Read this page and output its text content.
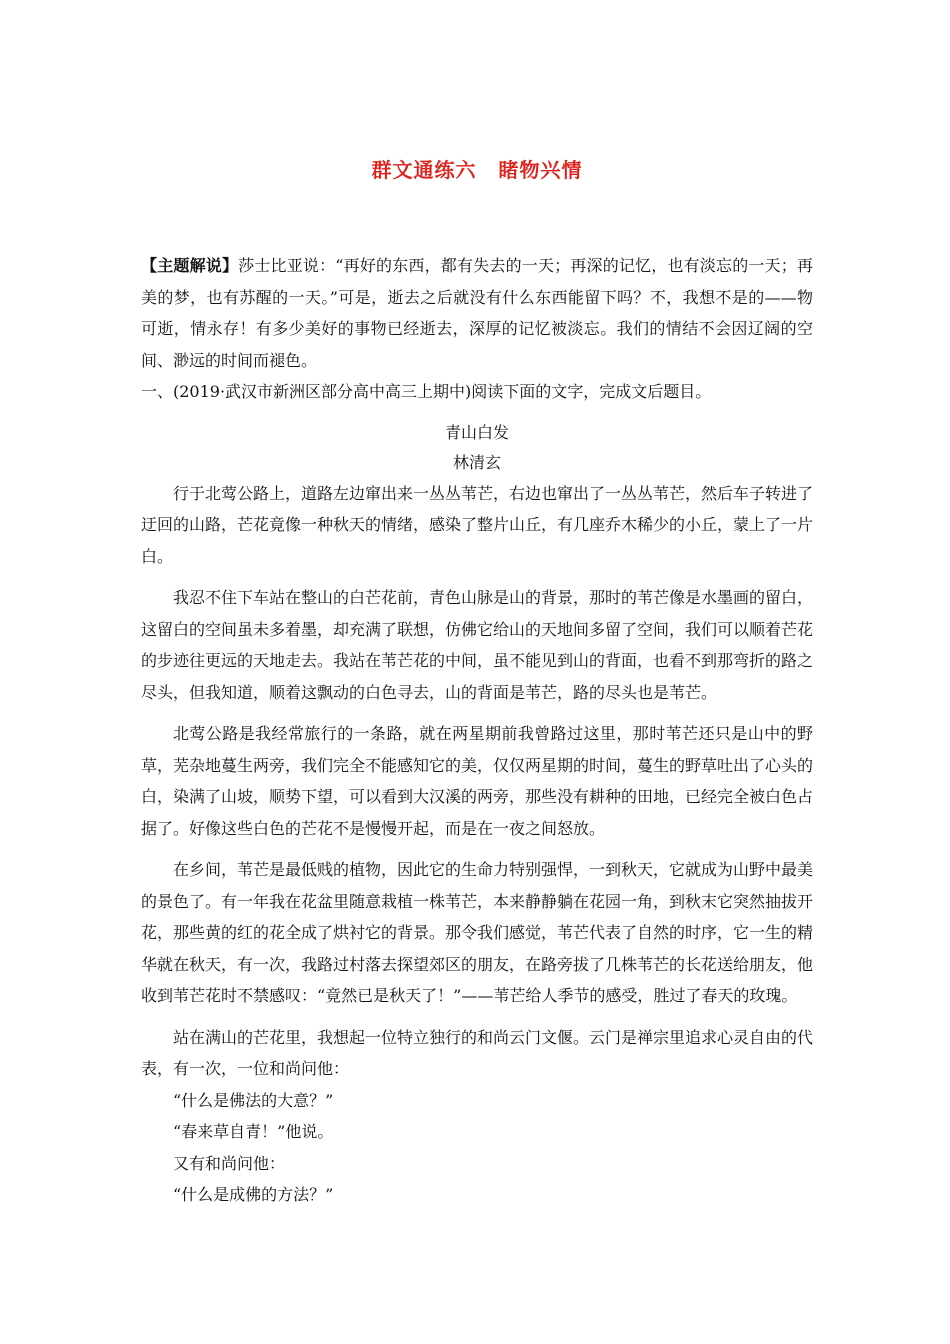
群文通练六 睹物兴情

【主题解说】莎士比亚说：“再好的东西，都有失去的一天；再深的记忆，也有淡忘的一天；再美的梦，也有苏醒的一天。”可是，逝去之后就没有什么东西能留下吗？不，我想不是的——物可逝，情永存！有多少美好的事物已经逝去，深厚的记忆被淡忘。我们的情结不会因辽阔的空间、渺远的时间而褪色。

一、(2019·武汉市新洲区部分高中高三上期中)阅读下面的文字，完成文后题目。

青山白发

林清玄

行于北莺公路上，道路左边窜出来一丛丛苇芒，右边也窜出了一丛丛苇芒，然后车子转进了迂回的山路，芒花竟像一种秋天的情绪，感染了整片山丘，有几座乔木稀少的小丘，蒙上了一片白。

我忍不住下车站在整山的白芒花前，青色山脉是山的背景，那时的苇芒像是水墨画的留白，这留白的空间虽未多着墨，却充满了联想，仿佛它给山的天地间多留了空间，我们可以顺着芒花的步迹往更远的天地走去。我站在苇芒花的中间，虽不能见到山的背面，也看不到那弯折的路之尽头，但我知道，顺着这飘动的白色寻去，山的背面是苇芒，路的尽头也是苇芒。

北莺公路是我经常旅行的一条路，就在两星期前我曾路过这里，那时苇芒还只是山中的野草，芜杂地蔓生两旁，我们完全不能感知它的美，仅仅两星期的时间，蔓生的野草吐出了心头的白，染满了山坡，顺势下望，可以看到大汉溪的两旁，那些没有耕种的田地，已经完全被白色占据了。好像这些白色的芒花不是慢慢开起，而是在一夜之间怒放。

在乡间，苇芒是最低贱的植物，因此它的生命力特别强悍，一到秋天，它就成为山野中最美的景色了。有一年我在花盆里随意栽植一株苇芒，本来静静躺在花园一角，到秋末它突然抽拔开花，那些黄的红的花全成了烘衬它的背景。那令我们感觉，苇芒代表了自然的时序，它一生的精华就在秋天，有一次，我路过村落去探望郊区的朋友，在路旁拔了几株苇芒的长花送给朋友，他收到苇芒花时不禁感叹：“竟然已是秋天了！”——苇芒给人季节的感受，胜过了春天的玫瑰。

站在满山的芒花里，我想起一位特立独行的和尚云门文偃。云门是禅宗里追求心灵自由的代表，有一次，一位和尚问他：

“什么是佛法的大意？”

“春来草自青！”他说。

又有和尚问他：

“什么是成佛的方法？”
